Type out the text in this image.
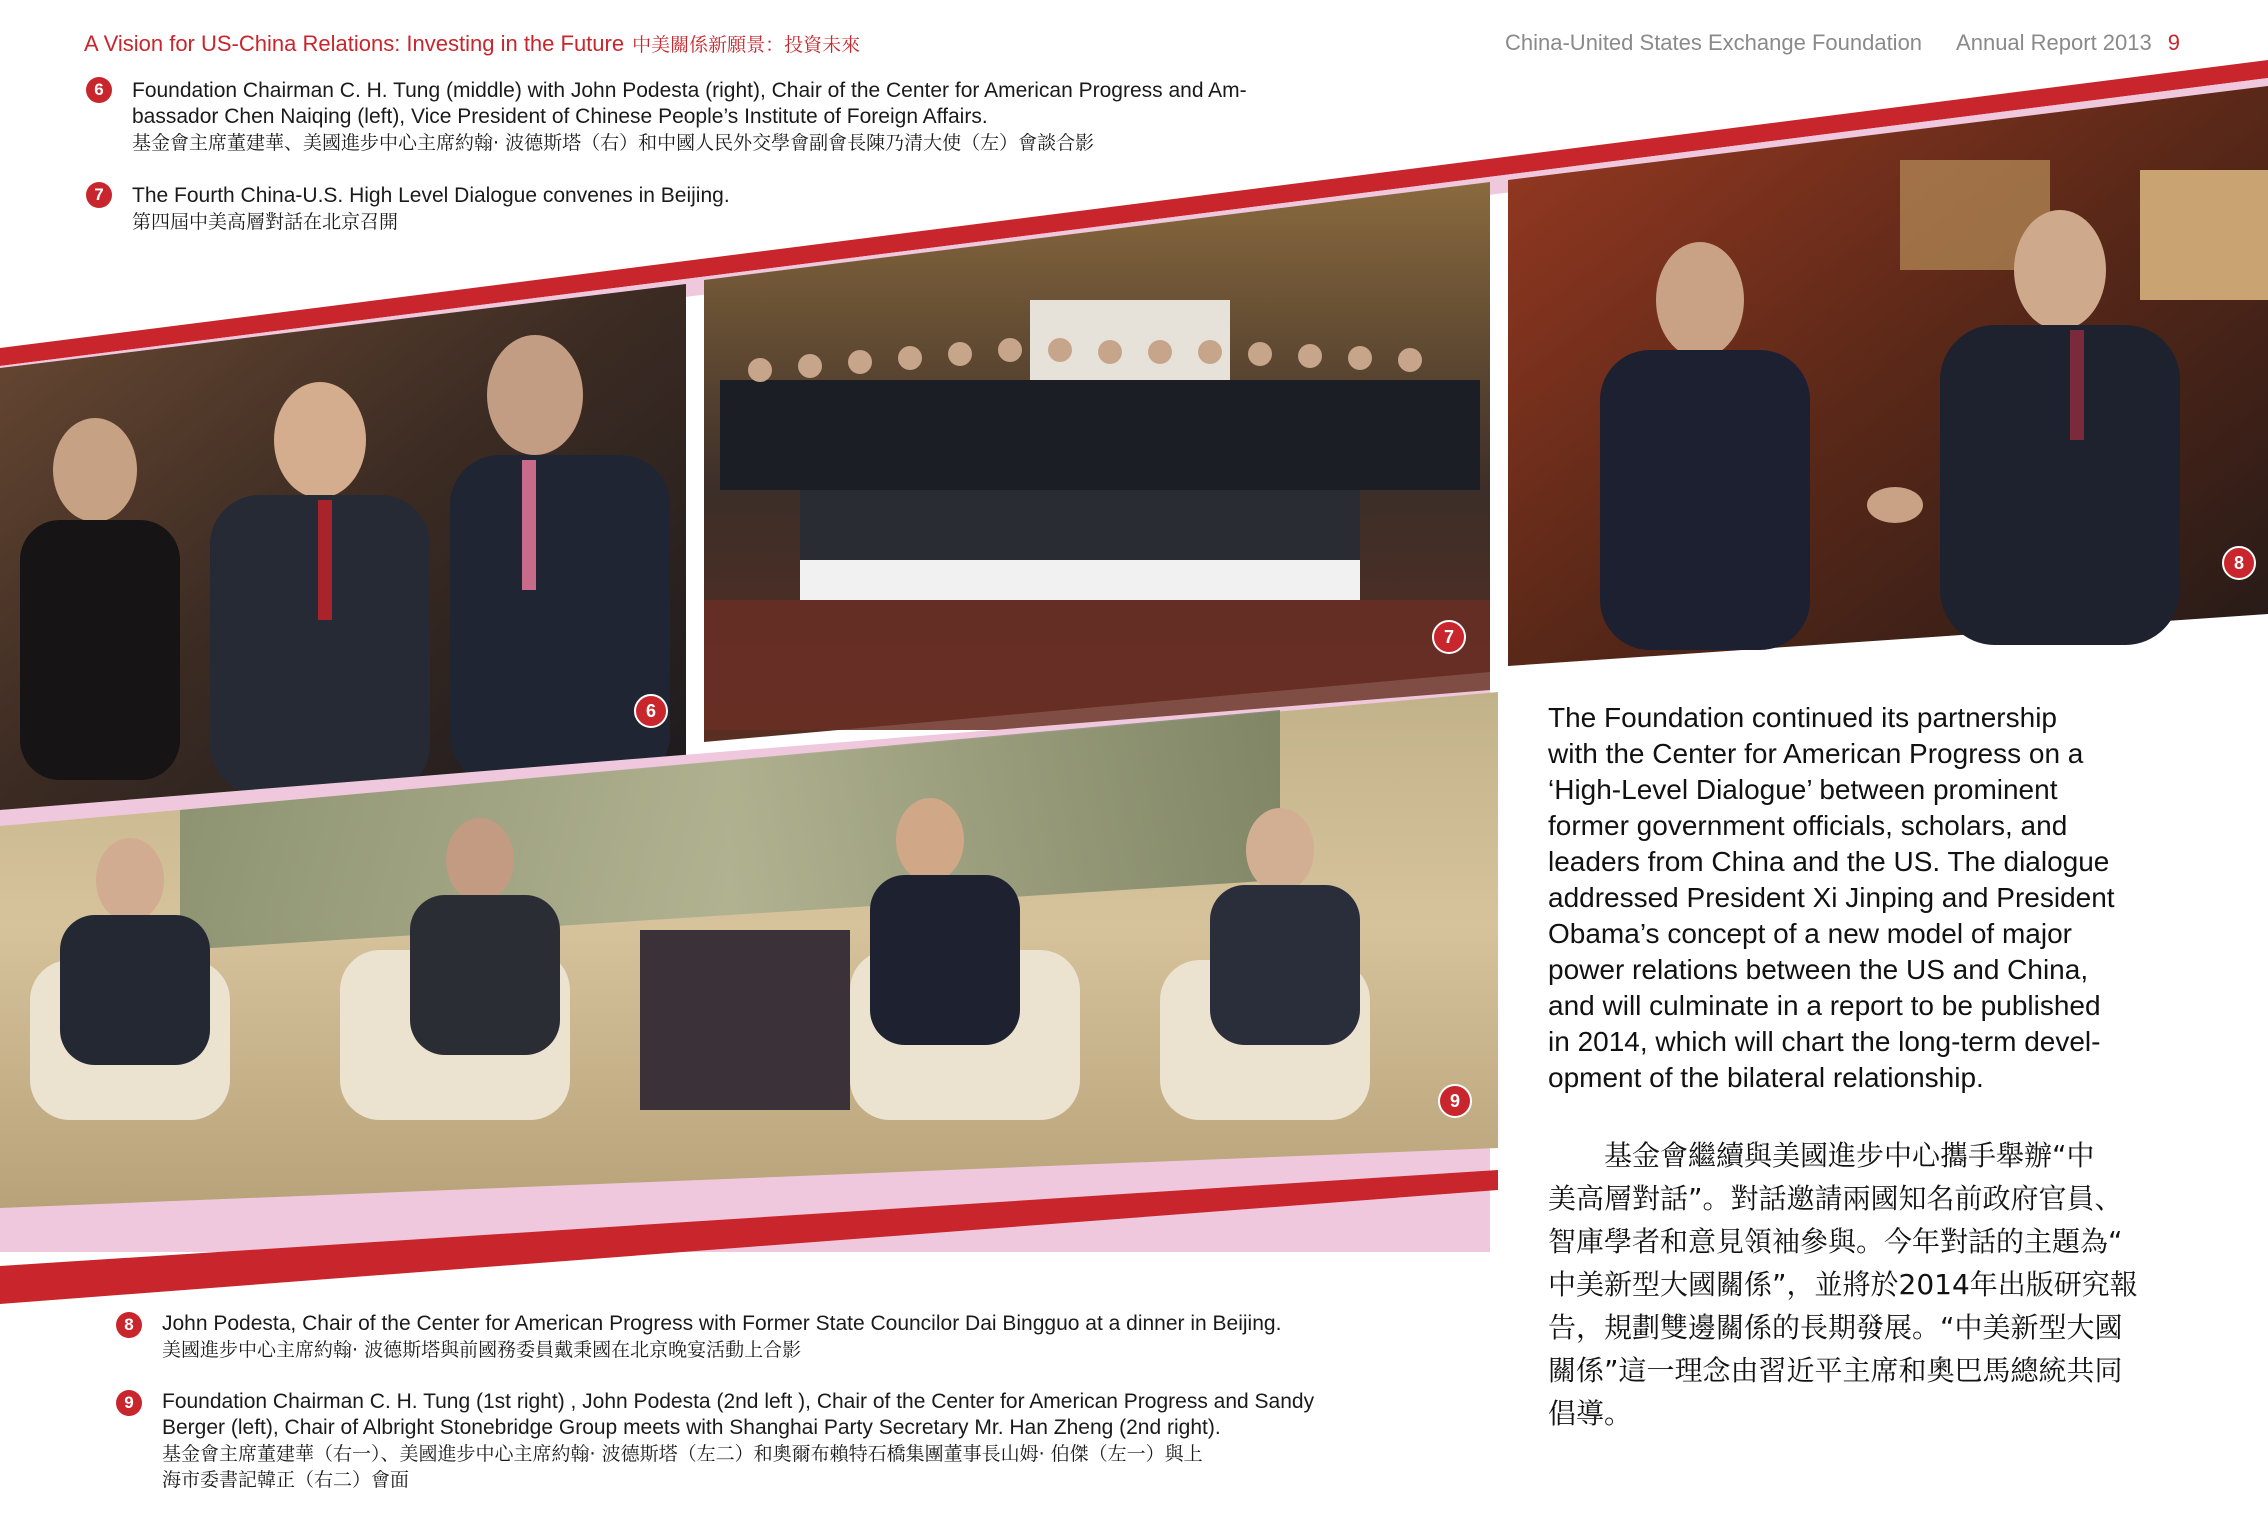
A Vision for US-China Relations: Investing in the Future 中美關係新願景：投資未來	China-United States Exchange Foundation Annual Report 2013 9
6	Foundation Chairman C. H. Tung (middle) with John Podesta (right), Chair of the Center for American Progress and Am-
bassador Chen Naiqing (left), Vice President of Chinese People’s Institute of Foreign Affairs.
基金會主席董建華、美國進步中心主席約翰· 波德斯塔（右）和中國人民外交學會副會長陳乃清大使（左）會談合影
7	The Fourth China-U.S. High Level Dialogue convenes in Beijing.
第四屆中美高層對話在北京召開
6
7
8
9
8	John Podesta, Chair of the Center for American Progress with Former State Councilor Dai Bingguo at a dinner in Beijing.
美國進步中心主席約翰· 波德斯塔與前國務委員戴秉國在北京晚宴活動上合影
9	Foundation Chairman C. H. Tung (1st right) , John Podesta (2nd left ), Chair of the Center for American Progress and Sandy
Berger (left), Chair of Albright Stonebridge Group meets with Shanghai Party Secretary Mr. Han Zheng (2nd right).
基金會主席董建華（右一）、美國進步中心主席約翰· 波德斯塔（左二）和奧爾布賴特石橋集團董事長山姆· 伯傑（左一）與上
海市委書記韓正（右二）會面
The Foundation continued its partnership
with the Center for American Progress on a
‘High-Level Dialogue’ between prominent
former government officials, scholars, and
leaders from China and the US. The dialogue
addressed President Xi Jinping and President
Obama’s concept of a new model of major
power relations between the US and China,
and will culminate in a report to be published
in 2014, which will chart the long-term devel-
opment of the bilateral relationship.
　　基金會繼續與美國進步中心攜手舉辦“中
美高層對話”。對話邀請兩國知名前政府官員、
智庫學者和意見領袖參與。今年對話的主題為“
中美新型大國關係”，並將於2014年出版研究報
告，規劃雙邊關係的長期發展。“中美新型大國
關係”這一理念由習近平主席和奧巴馬總統共同
倡導。
